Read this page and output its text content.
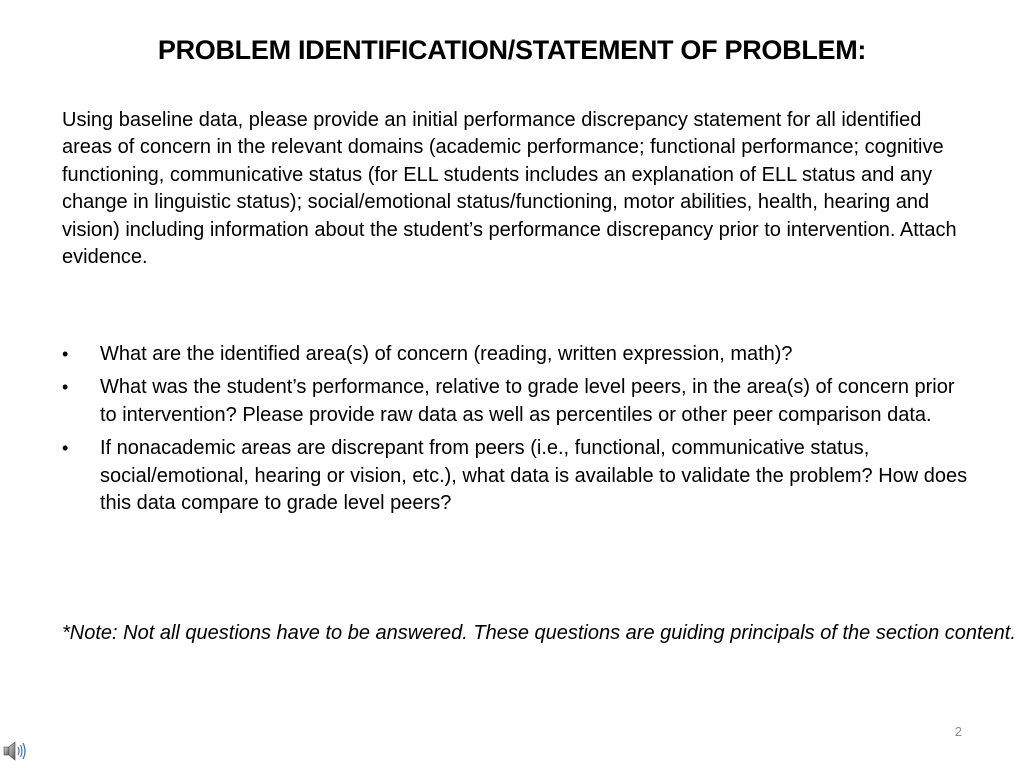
PROBLEM IDENTIFICATION/STATEMENT OF PROBLEM:

Using baseline data, please provide an initial performance discrepancy statement for all identified areas of concern in the relevant domains (academic performance; functional performance; cognitive functioning, communicative status (for ELL students includes an explanation of ELL status and any change in linguistic status); social/emotional status/functioning, motor abilities, health, hearing and vision) including information about the student’s performance discrepancy prior to intervention. Attach evidence.

•	What are the identified area(s) of concern (reading, written expression, math)?
•	What was the student’s performance, relative to grade level peers, in the area(s) of concern prior to intervention? Please provide raw data as well as percentiles or other peer comparison data.
•	If nonacademic areas are discrepant from peers (i.e., functional, communicative status, social/emotional, hearing or vision, etc.), what data is available to validate the problem? How does this data compare to grade level peers?
*Note: Not all questions have to be answered. These questions are guiding principals of the section content.
2
